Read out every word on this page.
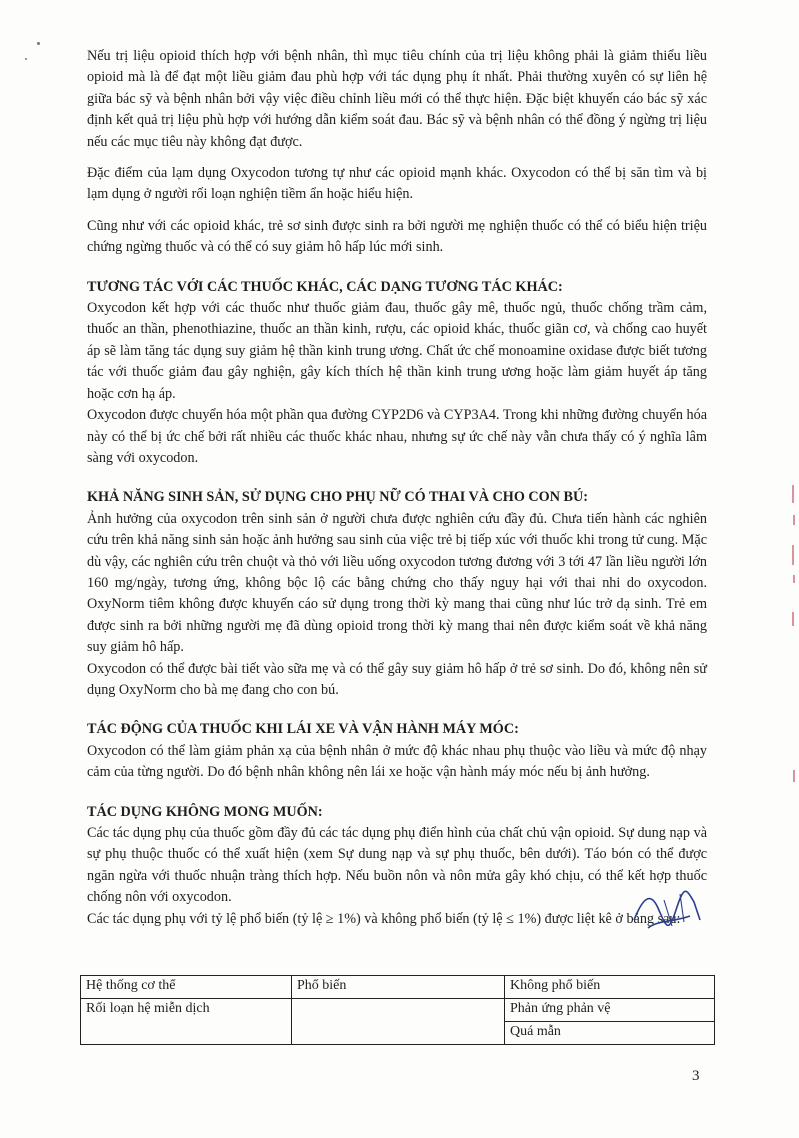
Nếu trị liệu opioid thích hợp với bệnh nhân, thì mục tiêu chính của trị liệu không phải là giảm thiểu liều opioid mà là để đạt một liều giảm đau phù hợp với tác dụng phụ ít nhất. Phải thường xuyên có sự liên hệ giữa bác sỹ và bệnh nhân bởi vậy việc điều chỉnh liều mới có thể thực hiện. Đặc biệt khuyến cáo bác sỹ xác định kết quả trị liệu phù hợp với hướng dẫn kiểm soát đau. Bác sỹ và bệnh nhân có thể đồng ý ngừng trị liệu nếu các mục tiêu này không đạt được.

Đặc điểm của lạm dụng Oxycodon tương tự như các opioid mạnh khác. Oxycodon có thể bị săn tìm và bị lạm dụng ở người rối loạn nghiện tiềm ẩn hoặc hiểu hiện.

Cũng như với các opioid khác, trẻ sơ sinh được sinh ra bởi người mẹ nghiện thuốc có thể có biểu hiện triệu chứng ngừng thuốc và có thể có suy giảm hô hấp lúc mới sinh.

TƯƠNG TÁC VỚI CÁC THUỐC KHÁC, CÁC DẠNG TƯƠNG TÁC KHÁC:

Oxycodon kết hợp với các thuốc như thuốc giảm đau, thuốc gây mê, thuốc ngủ, thuốc chống trầm cảm, thuốc an thần, phenothiazine, thuốc an thần kinh, rượu, các opioid khác, thuốc giãn cơ, và chống cao huyết áp sẽ làm tăng tác dụng suy giảm hệ thần kinh trung ương. Chất ức chế monoamine oxidase được biết tương tác với thuốc giảm đau gây nghiện, gây kích thích hệ thần kinh trung ương hoặc làm giảm huyết áp tăng hoặc cơn hạ áp.

Oxycodon được chuyển hóa một phần qua đường CYP2D6 và CYP3A4. Trong khi những đường chuyển hóa này có thể bị ức chế bởi rất nhiều các thuốc khác nhau, nhưng sự ức chế này vẫn chưa thấy có ý nghĩa lâm sàng với oxycodon.

KHẢ NĂNG SINH SẢN, SỬ DỤNG CHO PHỤ NỮ CÓ THAI VÀ CHO CON BÚ:

Ảnh hưởng của oxycodon trên sinh sản ở người chưa được nghiên cứu đầy đủ. Chưa tiến hành các nghiên cứu trên khả năng sinh sản hoặc ảnh hưởng sau sinh của việc trẻ bị tiếp xúc với thuốc khi trong tử cung. Mặc dù vậy, các nghiên cứu trên chuột và thỏ với liều uống oxycodon tương đương với 3 tới 47 lần liều người lớn 160 mg/ngày, tương ứng, không bộc lộ các bằng chứng cho thấy nguy hại với thai nhi do oxycodon. OxyNorm tiêm không được khuyến cáo sử dụng trong thời kỳ mang thai cũng như lúc trở dạ sinh. Trẻ em được sinh ra bởi những người mẹ đã dùng opioid trong thời kỳ mang thai nên được kiểm soát về khả năng suy giảm hô hấp.

Oxycodon có thể được bài tiết vào sữa mẹ và có thể gây suy giảm hô hấp ở trẻ sơ sinh. Do đó, không nên sử dụng OxyNorm cho bà mẹ đang cho con bú.

TÁC ĐỘNG CỦA THUỐC KHI LÁI XE VÀ VẬN HÀNH MÁY MÓC:

Oxycodon có thể làm giảm phản xạ của bệnh nhân ở mức độ khác nhau phụ thuộc vào liều và mức độ nhạy cảm của từng người. Do đó bệnh nhân không nên lái xe hoặc vận hành máy móc nếu bị ảnh hưởng.

TÁC DỤNG KHÔNG MONG MUỐN:

Các tác dụng phụ của thuốc gồm đầy đủ các tác dụng phụ điển hình của chất chủ vận opioid. Sự dung nạp và sự phụ thuộc thuốc có thể xuất hiện (xem Sự dung nạp và sự phụ thuốc, bên dưới). Táo bón có thể được ngăn ngừa với thuốc nhuận tràng thích hợp. Nếu buồn nôn và nôn mửa gây khó chịu, có thể kết hợp thuốc chống nôn với oxycodon.

Các tác dụng phụ với tỷ lệ phổ biến (tỷ lệ ≥ 1%) và không phổ biến (tỷ lệ ≤ 1%) được liệt kê ở bảng sau:

Hệ thống cơ thể	Phổ biến	Không phổ biến
Rối loạn hệ miễn dịch		Phản ứng phản vệ
		Quá mẫn
3
